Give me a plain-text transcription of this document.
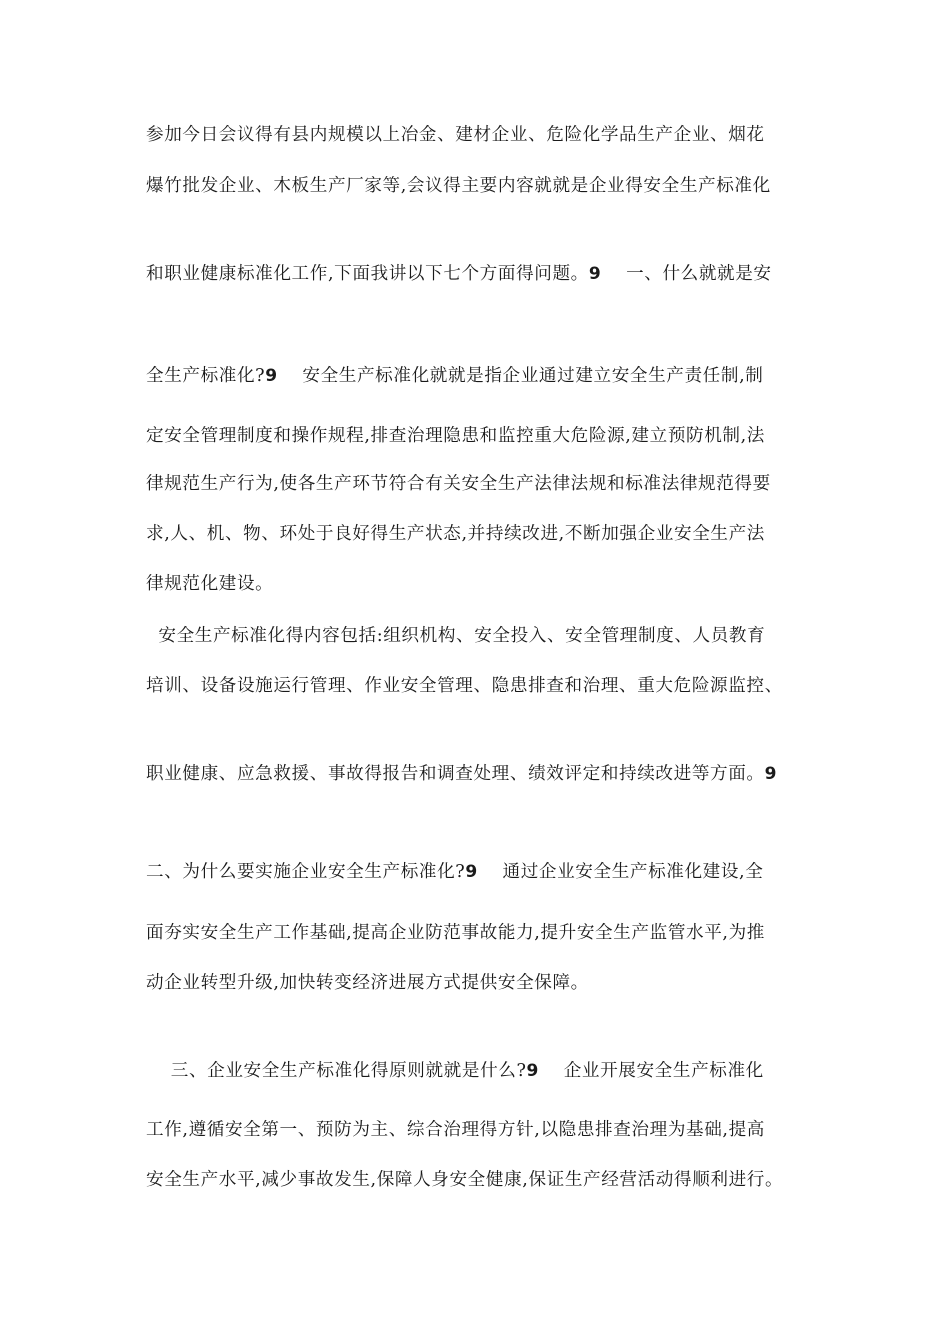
参加今日会议得有县内规模以上冶金、建材企业、危险化学品生产企业、烟花

爆竹批发企业、木板生产厂家等,会议得主要内容就就是企业得安全生产标准化

和职业健康标准化工作,下面我讲以下七个方面得问题。9    一、什么就就是安

全生产标准化?9    安全生产标准化就就是指企业通过建立安全生产责任制,制

定安全管理制度和操作规程,排查治理隐患和监控重大危险源,建立预防机制,法

律规范生产行为,使各生产环节符合有关安全生产法律法规和标准法律规范得要

求,人、机、物、环处于良好得生产状态,并持续改进,不断加强企业安全生产法

律规范化建设。

安全生产标准化得内容包括:组织机构、安全投入、安全管理制度、人员教育

培训、设备设施运行管理、作业安全管理、隐患排查和治理、重大危险源监控、

职业健康、应急救援、事故得报告和调查处理、绩效评定和持续改进等方面。9

二、为什么要实施企业安全生产标准化?9    通过企业安全生产标准化建设,全

面夯实安全生产工作基础,提高企业防范事故能力,提升安全生产监管水平,为推

动企业转型升级,加快转变经济进展方式提供安全保障。

三、企业安全生产标准化得原则就就是什么?9    企业开展安全生产标准化

工作,遵循安全第一、预防为主、综合治理得方针,以隐患排查治理为基础,提高

安全生产水平,减少事故发生,保障人身安全健康,保证生产经营活动得顺利进行。
